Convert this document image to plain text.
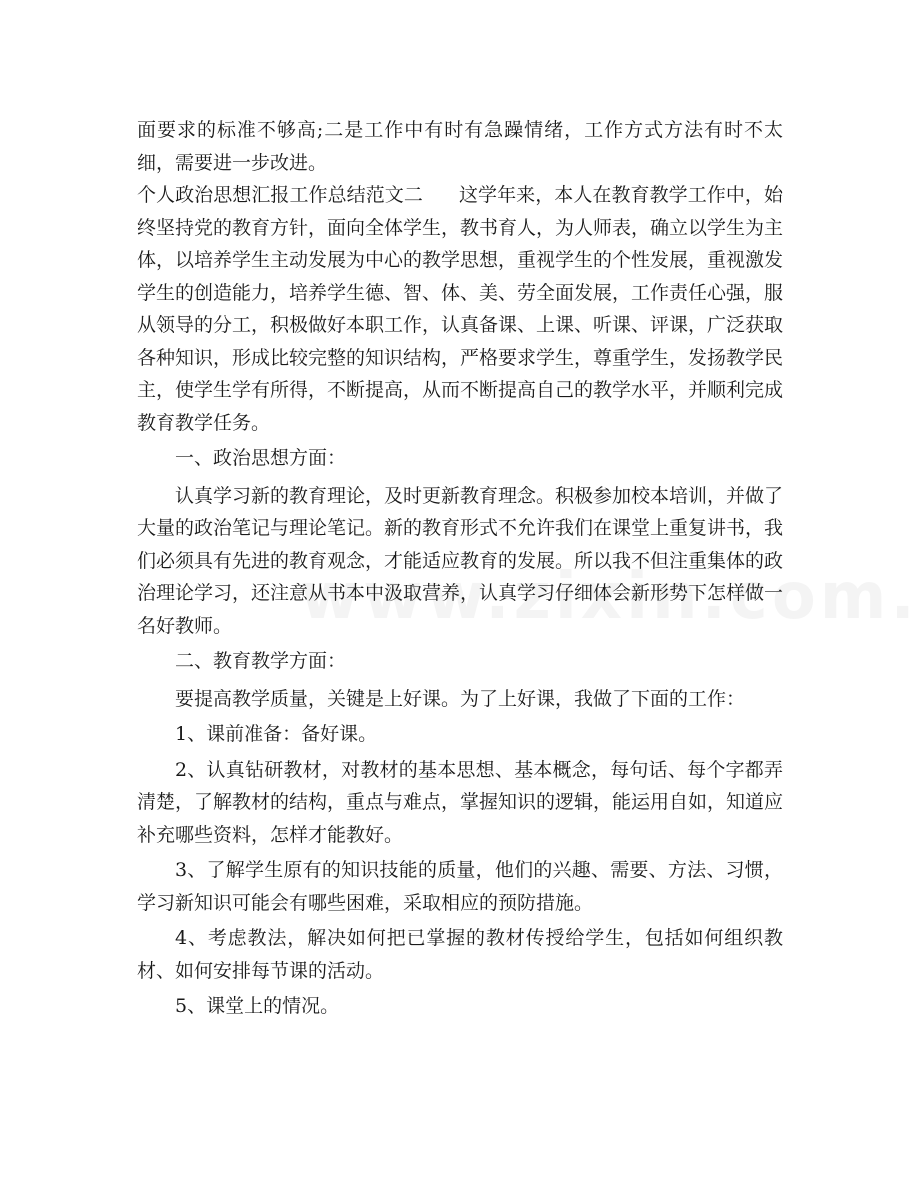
面要求的标准不够高;二是工作中有时有急躁情绪，工作方式方法有时不太细，需要进一步改进。

个人政治思想汇报工作总结范文二 这学年来，本人在教育教学工作中，始终坚持党的教育方针，面向全体学生，教书育人，为人师表，确立以学生为主体，以培养学生主动发展为中心的教学思想，重视学生的个性发展，重视激发学生的创造能力，培养学生德、智、体、美、劳全面发展，工作责任心强，服从领导的分工，积极做好本职工作，认真备课、上课、听课、评课，广泛获取各种知识，形成比较完整的知识结构，严格要求学生，尊重学生，发扬教学民主，使学生学有所得，不断提高，从而不断提高自己的教学水平，并顺利完成教育教学任务。

一、政治思想方面：

认真学习新的教育理论，及时更新教育理念。积极参加校本培训，并做了大量的政治笔记与理论笔记。新的教育形式不允许我们在课堂上重复讲书，我们必须具有先进的教育观念，才能适应教育的发展。所以我不但注重集体的政治理论学习，还注意从书本中汲取营养，认真学习仔细体会新形势下怎样做一名好教师。

二、教育教学方面：

要提高教学质量，关键是上好课。为了上好课，我做了下面的工作：

1、课前准备：备好课。

2、认真钻研教材，对教材的基本思想、基本概念，每句话、每个字都弄清楚，了解教材的结构，重点与难点，掌握知识的逻辑，能运用自如，知道应补充哪些资料，怎样才能教好。

3、了解学生原有的知识技能的质量，他们的兴趣、需要、方法、习惯，学习新知识可能会有哪些困难，采取相应的预防措施。

4、考虑教法，解决如何把已掌握的教材传授给学生，包括如何组织教材、如何安排每节课的活动。

5、课堂上的情况。
